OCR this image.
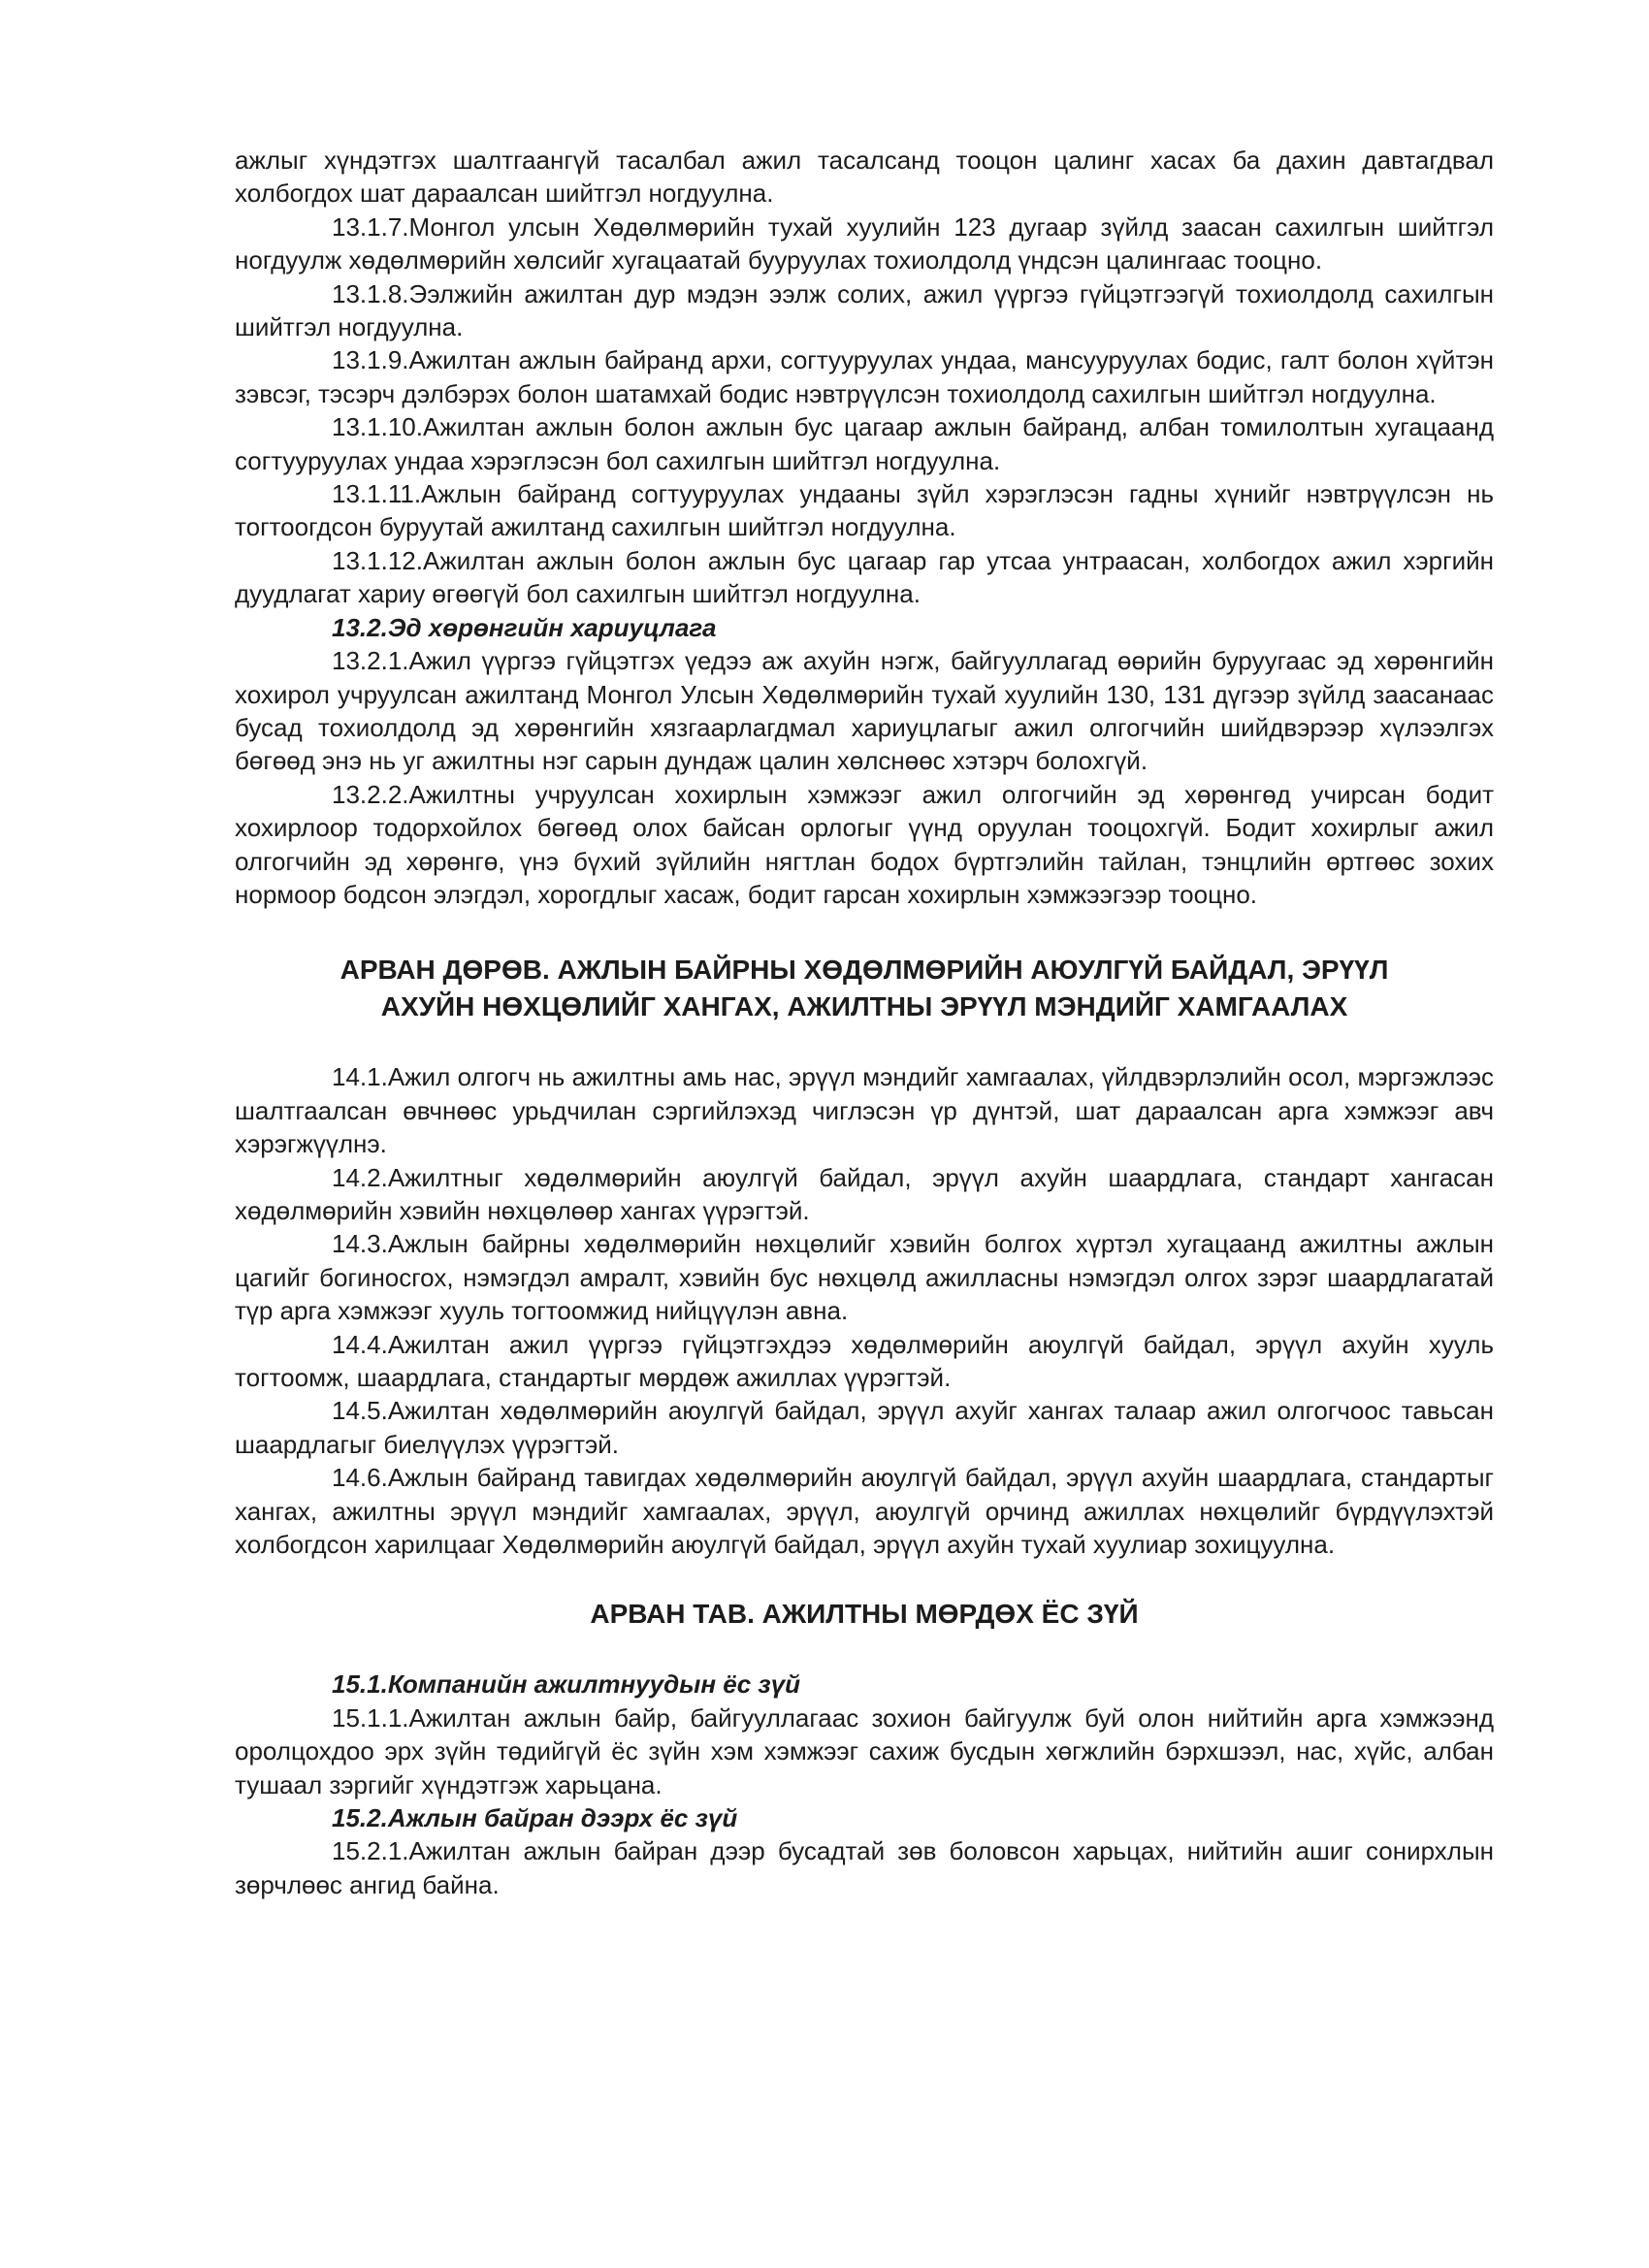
ажлыг хүндэтгэх шалтгаангүй тасалбал ажил тасалсанд тооцон цалинг хасах ба дахин давтагдвал холбогдох шат дараалсан шийтгэл ногдуулна.

13.1.7.Монгол улсын Хөдөлмөрийн тухай хуулийн 123 дугаар зүйлд заасан сахилгын шийтгэл ногдуулж хөдөлмөрийн хөлсийг хугацаатай бууруулах тохиолдолд үндсэн цалингаас тооцно.

13.1.8.Ээлжийн ажилтан дур мэдэн ээлж солих, ажил үүргээ гүйцэтгээгүй тохиолдолд сахилгын шийтгэл ногдуулна.

13.1.9.Ажилтан ажлын байранд архи, согтууруулах ундаа, мансууруулах бодис, галт болон хүйтэн зэвсэг, тэсэрч дэлбэрэх болон шатамхай бодис нэвтрүүлсэн тохиолдолд сахилгын шийтгэл ногдуулна.

13.1.10.Ажилтан ажлын болон ажлын бус цагаар ажлын байранд, албан томилолтын хугацаанд согтууруулах ундаа хэрэглэсэн бол сахилгын шийтгэл ногдуулна.

13.1.11.Ажлын байранд согтууруулах ундааны зүйл хэрэглэсэн гадны хүнийг нэвтрүүлсэн нь тогтоогдсон буруутай ажилтанд сахилгын шийтгэл ногдуулна.

13.1.12.Ажилтан ажлын болон ажлын бус цагаар гар утсаа унтраасан, холбогдох ажил хэргийн дуудлагат хариу өгөөгүй бол сахилгын шийтгэл ногдуулна.

13.2.Эд хөрөнгийн хариуцлага

13.2.1.Ажил үүргээ гүйцэтгэх үедээ аж ахуйн нэгж, байгууллагад өөрийн буруугаас эд хөрөнгийн хохирол учруулсан ажилтанд Монгол Улсын Хөдөлмөрийн тухай хуулийн 130, 131 дүгээр зүйлд заасанаас бусад тохиолдолд эд хөрөнгийн хязгаарлагдмал хариуцлагыг ажил олгогчийн шийдвэрээр хүлээлгэх бөгөөд энэ нь уг ажилтны нэг сарын дундаж цалин хөлснөөс хэтэрч болохгүй.

13.2.2.Ажилтны учруулсан хохирлын хэмжээг ажил олгогчийн эд хөрөнгөд учирсан бодит хохирлоор тодорхойлох бөгөөд олох байсан орлогыг үүнд оруулан тооцохгүй. Бодит хохирлыг ажил олгогчийн эд хөрөнгө, үнэ бүхий зүйлийн нягтлан бодох бүртгэлийн тайлан, тэнцлийн өртгөөс зохих нормоор бодсон элэгдэл, хорогдлыг хасаж, бодит гарсан хохирлын хэмжээгээр тооцно.

АРВАН ДӨРӨВ. АЖЛЫН БАЙРНЫ ХӨДӨЛМӨРИЙН АЮУЛГҮЙ БАЙДАЛ, ЭРҮҮЛ

АХУЙН НӨХЦӨЛИЙГ ХАНГАХ, АЖИЛТНЫ ЭРҮҮЛ МЭНДИЙГ ХАМГААЛАХ

14.1.Ажил олгогч нь ажилтны амь нас, эрүүл мэндийг хамгаалах, үйлдвэрлэлийн осол, мэргэжлээс шалтгаалсан өвчнөөс урьдчилан сэргийлэхэд чиглэсэн үр дүнтэй, шат дараалсан арга хэмжээг авч хэрэгжүүлнэ.

14.2.Ажилтныг хөдөлмөрийн аюулгүй байдал, эрүүл ахуйн шаардлага, стандарт хангасан хөдөлмөрийн хэвийн нөхцөлөөр хангах үүрэгтэй.

14.3.Ажлын байрны хөдөлмөрийн нөхцөлийг хэвийн болгох хүртэл хугацаанд ажилтны ажлын цагийг богиносгох, нэмэгдэл амралт, хэвийн бус нөхцөлд ажилласны нэмэгдэл олгох зэрэг шаардлагатай түр арга хэмжээг хууль тогтоомжид нийцүүлэн авна.

14.4.Ажилтан ажил үүргээ гүйцэтгэхдээ хөдөлмөрийн аюулгүй байдал, эрүүл ахуйн хууль тогтоомж, шаардлага, стандартыг мөрдөж ажиллах үүрэгтэй.

14.5.Ажилтан хөдөлмөрийн аюулгүй байдал, эрүүл ахуйг хангах талаар ажил олгогчоос тавьсан шаардлагыг биелүүлэх үүрэгтэй.

14.6.Ажлын байранд тавигдах хөдөлмөрийн аюулгүй байдал, эрүүл ахуйн шаардлага, стандартыг хангах, ажилтны эрүүл мэндийг хамгаалах, эрүүл, аюулгүй орчинд ажиллах нөхцөлийг бүрдүүлэхтэй холбогдсон харилцааг Хөдөлмөрийн аюулгүй байдал, эрүүл ахуйн тухай хуулиар зохицуулна.

АРВАН ТАВ. АЖИЛТНЫ МӨРДӨХ ЁС ЗҮЙ

15.1.Компанийн ажилтнуудын ёс зүй

15.1.1.Ажилтан ажлын байр, байгууллагаас зохион байгуулж буй олон нийтийн арга хэмжээнд оролцохдоо эрх зүйн төдийгүй ёс зүйн хэм хэмжээг сахиж бусдын хөгжлийн бэрхшээл, нас, хүйс, албан тушаал зэргийг хүндэтгэж харьцана.

15.2.Ажлын байран дээрх ёс зүй

15.2.1.Ажилтан ажлын байран дээр бусадтай зөв боловсон харьцах, нийтийн ашиг сонирхлын зөрчлөөс ангид байна.
